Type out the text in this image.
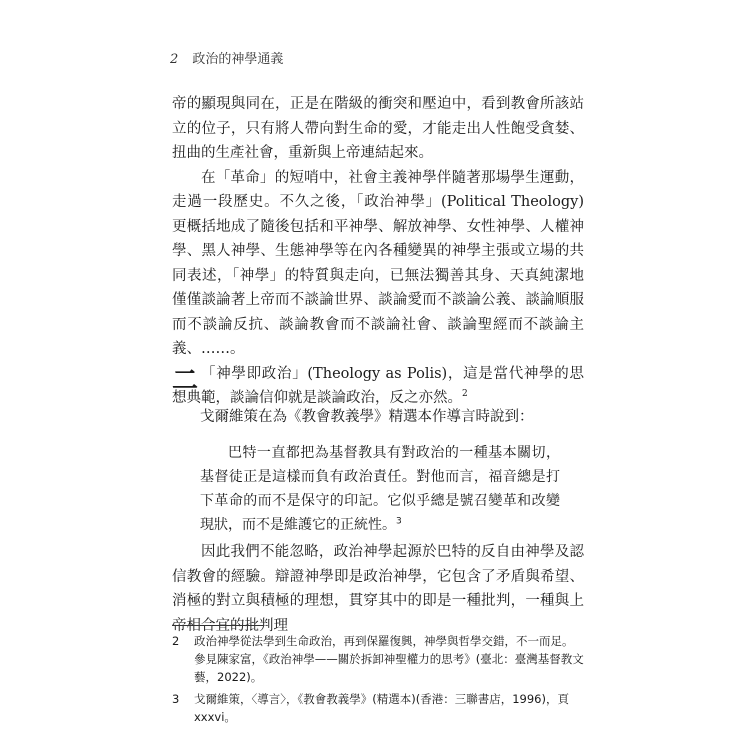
2 政治的神學通義

帝的顯現與同在，正是在階級的衝突和壓迫中，看到教會所該站立的位子，只有將人帶向對生命的愛，才能走出人性飽受貪婪、扭曲的生產社會，重新與上帝連結起來。

在「革命」的短哨中，社會主義神學伴隨著那場學生運動，走過一段歷史。不久之後，「政治神學」(Political Theology) 更概括地成了隨後包括和平神學、解放神學、女性神學、人權神學、黑人神學、生態神學等在內各種變異的神學主張或立場的共同表述，「神學」的特質與走向，已無法獨善其身、天真純潔地僅僅談論著上帝而不談論世界、談論愛而不談論公義、談論順服而不談論反抗、談論教會而不談論社會、談論聖經而不談論主義、……。

「神學即政治」(Theology as Polis)，這是當代神學的思想典範，談論信仰就是談論政治，反之亦然。$^2$

二
戈爾維策在為《教會教義學》精選本作導言時說到：

巴特一直都把為基督教具有對政治的一種基本關切，基督徒正是這樣而負有政治責任。對他而言，福音總是打下革命的而不是保守的印記。它似乎總是號召變革和改變現狀，而不是維護它的正統性。$^3$

因此我們不能忽略，政治神學起源於巴特的反自由神學及認信教會的經驗。辯證神學即是政治神學，它包含了矛盾與希望、消極的對立與積極的理想，貫穿其中的即是一種批判，一種與上帝相合宜的批判理

2	政治神學從法學到生命政治，再到保羅復興，神學與哲學交錯，不一而足。參見陳家富，《政治神學——關於拆卸神聖權力的思考》(臺北：臺灣基督教文藝，2022)。
3	戈爾維策，〈導言〉，《教會教義學》(精選本)(香港：三聯書店，1996)，頁 xxxvi。
